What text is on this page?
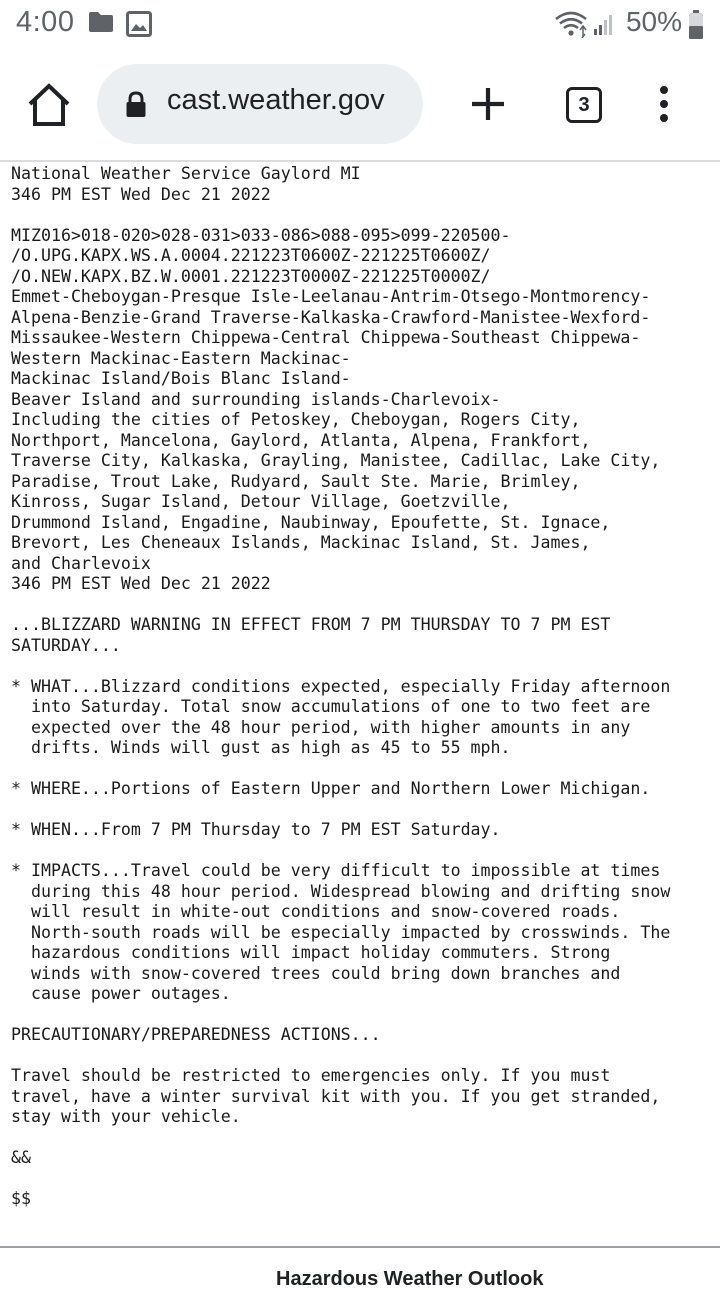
4:00	50%
cast.weather.gov	3
National Weather Service Gaylord MI
346 PM EST Wed Dec 21 2022

MIZ016>018-020>028-031>033-086>088-095>099-220500-
/O.UPG.KAPX.WS.A.0004.221223T0600Z-221225T0600Z/
/O.NEW.KAPX.BZ.W.0001.221223T0000Z-221225T0000Z/
Emmet-Cheboygan-Presque Isle-Leelanau-Antrim-Otsego-Montmorency-
Alpena-Benzie-Grand Traverse-Kalkaska-Crawford-Manistee-Wexford-
Missaukee-Western Chippewa-Central Chippewa-Southeast Chippewa-
Western Mackinac-Eastern Mackinac-
Mackinac Island/Bois Blanc Island-
Beaver Island and surrounding islands-Charlevoix-
Including the cities of Petoskey, Cheboygan, Rogers City,
Northport, Mancelona, Gaylord, Atlanta, Alpena, Frankfort,
Traverse City, Kalkaska, Grayling, Manistee, Cadillac, Lake City,
Paradise, Trout Lake, Rudyard, Sault Ste. Marie, Brimley,
Kinross, Sugar Island, Detour Village, Goetzville,
Drummond Island, Engadine, Naubinway, Epoufette, St. Ignace,
Brevort, Les Cheneaux Islands, Mackinac Island, St. James,
and Charlevoix
346 PM EST Wed Dec 21 2022

...BLIZZARD WARNING IN EFFECT FROM 7 PM THURSDAY TO 7 PM EST
SATURDAY...

* WHAT...Blizzard conditions expected, especially Friday afternoon
into Saturday. Total snow accumulations of one to two feet are
expected over the 48 hour period, with higher amounts in any
drifts. Winds will gust as high as 45 to 55 mph.

* WHERE...Portions of Eastern Upper and Northern Lower Michigan.

* WHEN...From 7 PM Thursday to 7 PM EST Saturday.

* IMPACTS...Travel could be very difficult to impossible at times
during this 48 hour period. Widespread blowing and drifting snow
will result in white-out conditions and snow-covered roads.
North-south roads will be especially impacted by crosswinds. The
hazardous conditions will impact holiday commuters. Strong
winds with snow-covered trees could bring down branches and
cause power outages.

PRECAUTIONARY/PREPAREDNESS ACTIONS...

Travel should be restricted to emergencies only. If you must
travel, have a winter survival kit with you. If you get stranded,
stay with your vehicle.

&&

$$
Hazardous Weather Outlook
